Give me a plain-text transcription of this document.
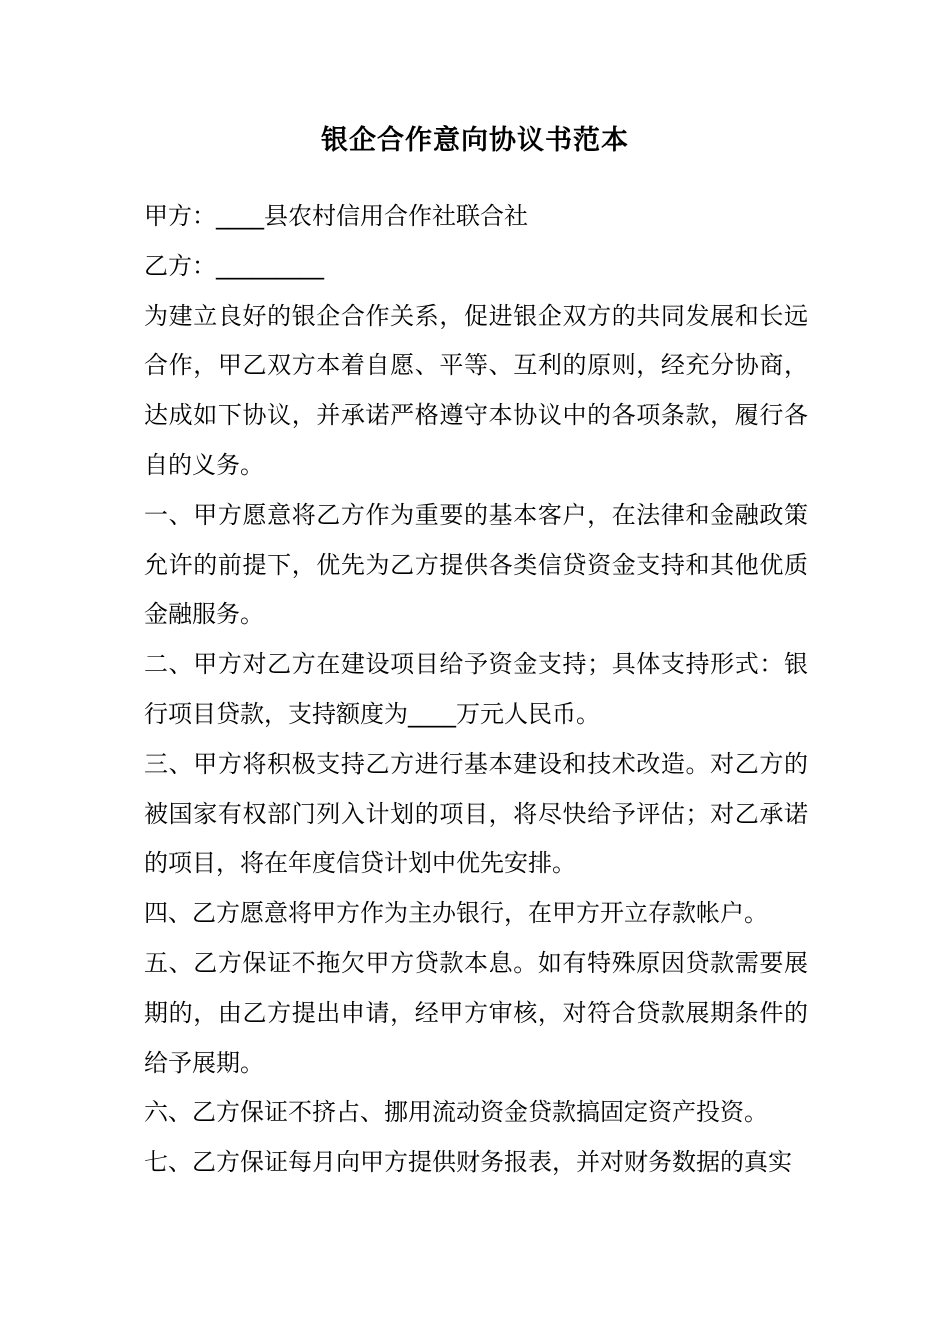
银企合作意向协议书范本

甲方：____县农村信用合作社联合社

乙方：_________

为建立良好的银企合作关系，促进银企双方的共同发展和长远合作，甲乙双方本着自愿、平等、互利的原则，经充分协商，达成如下协议，并承诺严格遵守本协议中的各项条款，履行各自的义务。

一、甲方愿意将乙方作为重要的基本客户，在法律和金融政策允许的前提下，优先为乙方提供各类信贷资金支持和其他优质金融服务。

二、甲方对乙方在建设项目给予资金支持；具体支持形式：银行项目贷款，支持额度为____万元人民币。

三、甲方将积极支持乙方进行基本建设和技术改造。对乙方的被国家有权部门列入计划的项目，将尽快给予评估；对乙承诺的项目，将在年度信贷计划中优先安排。

四、乙方愿意将甲方作为主办银行，在甲方开立存款帐户。

五、乙方保证不拖欠甲方贷款本息。如有特殊原因贷款需要展期的，由乙方提出申请，经甲方审核，对符合贷款展期条件的给予展期。

六、乙方保证不挤占、挪用流动资金贷款搞固定资产投资。

七、乙方保证每月向甲方提供财务报表，并对财务数据的真实
